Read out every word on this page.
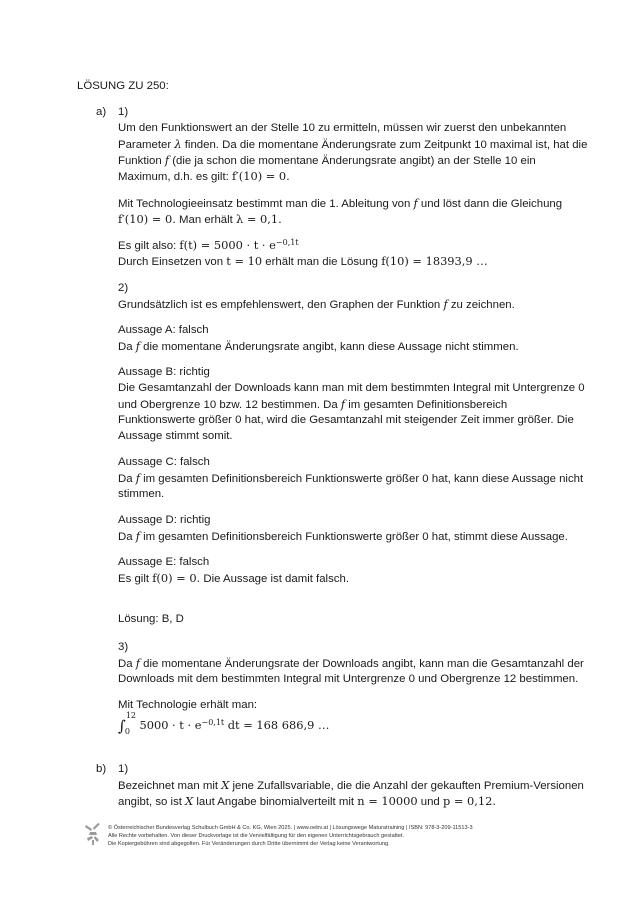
LÖSUNG ZU 250:
a) 1)
Um den Funktionswert an der Stelle 10 zu ermitteln, müssen wir zuerst den unbekannten
Parameter λ finden. Da die momentane Änderungsrate zum Zeitpunkt 10 maximal ist, hat die
Funktion f (die ja schon die momentane Änderungsrate angibt) an der Stelle 10 ein
Maximum, d.h. es gilt: f′(10) = 0.
Mit Technologieeinsatz bestimmt man die 1. Ableitung von f und löst dann die Gleichung
f′(10) = 0. Man erhält λ = 0,1.
Es gilt also: $f(t) = 5000 \cdot t \cdot e^{-0,1t}$
Durch Einsetzen von t = 10 erhält man die Lösung f(10) = 18393,9 …
2)
Grundsätzlich ist es empfehlenswert, den Graphen der Funktion f zu zeichnen.
Aussage A: falsch
Da f die momentane Änderungsrate angibt, kann diese Aussage nicht stimmen.
Aussage B: richtig
Die Gesamtanzahl der Downloads kann man mit dem bestimmten Integral mit Untergrenze 0
und Obergrenze 10 bzw. 12 bestimmen. Da f im gesamten Definitionsbereich
Funktionswerte größer 0 hat, wird die Gesamtanzahl mit steigender Zeit immer größer. Die
Aussage stimmt somit.
Aussage C: falsch
Da f im gesamten Definitionsbereich Funktionswerte größer 0 hat, kann diese Aussage nicht
stimmen.
Aussage D: richtig
Da f im gesamten Definitionsbereich Funktionswerte größer 0 hat, stimmt diese Aussage.
Aussage E: falsch
Es gilt f(0) = 0. Die Aussage ist damit falsch.
Lösung: B, D
3)
Da f die momentane Änderungsrate der Downloads angibt, kann man die Gesamtanzahl der
Downloads mit dem bestimmten Integral mit Untergrenze 0 und Obergrenze 12 bestimmen.
Mit Technologie erhält man:
∫
12
0 $5000 \cdot t \cdot e^{-0,1t}$ dt = 168 686,9 …
b) 1)
Bezeichnet man mit X jene Zufallsvariable, die die Anzahl der gekauften Premium-Versionen
angibt, so ist X laut Angabe binomialverteilt mit n = 10000 und p = 0,12.
© Österreichischer Bundesverlag Schulbuch GmbH & Co. KG, Wien 2025. | www.oebv.at | Lösungswege Maturatraining | ISBN: 978-3-209-11513-3
Alle Rechte vorbehalten. Von dieser Druckvorlage ist die Vervielfältigung für den eigenen Unterrichtsgebrauch gestattet.
Die Kopiergebühren sind abgegolten. Für Veränderungen durch Dritte übernimmt der Verlag keine Verantwortung.
